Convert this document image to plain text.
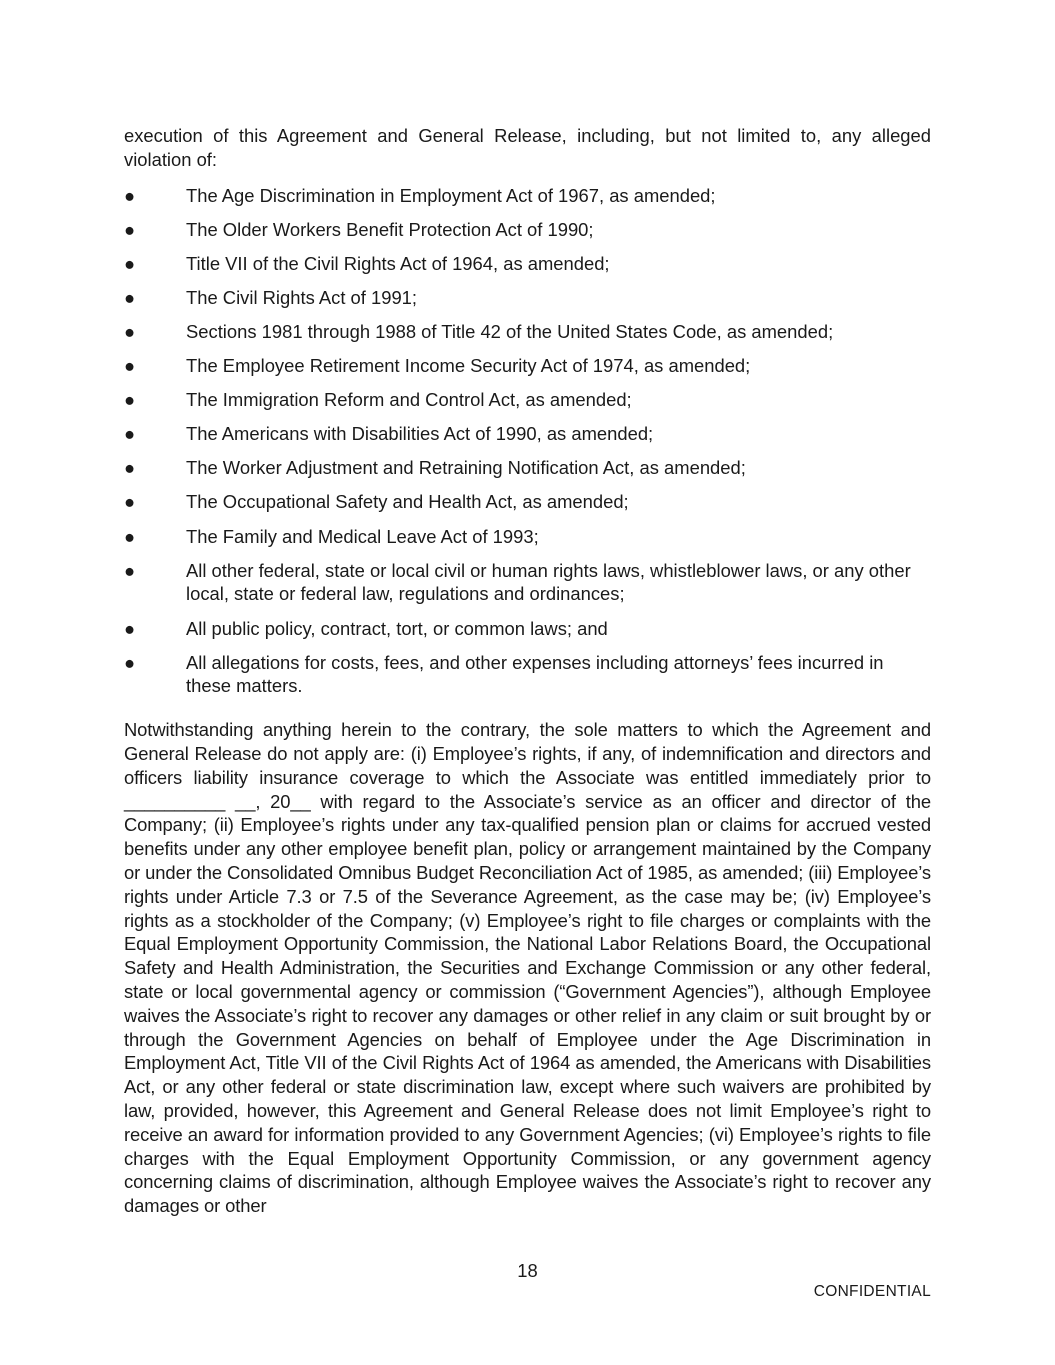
execution of this Agreement and General Release, including, but not limited to, any alleged violation of:

●	The Age Discrimination in Employment Act of 1967, as amended;
●	The Older Workers Benefit Protection Act of 1990;
●	Title VII of the Civil Rights Act of 1964, as amended;
●	The Civil Rights Act of 1991;
●	Sections 1981 through 1988 of Title 42 of the United States Code, as amended;
●	The Employee Retirement Income Security Act of 1974, as amended;
●	The Immigration Reform and Control Act, as amended;
●	The Americans with Disabilities Act of 1990, as amended;
●	The Worker Adjustment and Retraining Notification Act, as amended;
●	The Occupational Safety and Health Act, as amended;
●	The Family and Medical Leave Act of 1993;
●	All other federal, state or local civil or human rights laws, whistleblower laws, or any other local, state or federal law, regulations and ordinances;
●	All public policy, contract, tort, or common laws; and
●	All allegations for costs, fees, and other expenses including attorneys’ fees incurred in these matters.

Notwithstanding anything herein to the contrary, the sole matters to which the Agreement and General Release do not apply are: (i) Employee’s rights, if any, of indemnification and directors and officers liability insurance coverage to which the Associate was entitled immediately prior to __________ __, 20__ with regard to the Associate’s service as an officer and director of the Company; (ii) Employee’s rights under any tax-qualified pension plan or claims for accrued vested benefits under any other employee benefit plan, policy or arrangement maintained by the Company or under the Consolidated Omnibus Budget Reconciliation Act of 1985, as amended; (iii) Employee’s rights under Article 7.3 or 7.5 of the Severance Agreement, as the case may be; (iv) Employee’s rights as a stockholder of the Company; (v) Employee’s right to file charges or complaints with the Equal Employment Opportunity Commission, the National Labor Relations Board, the Occupational Safety and Health Administration, the Securities and Exchange Commission or any other federal, state or local governmental agency or commission (“Government Agencies”), although Employee waives the Associate’s right to recover any damages or other relief in any claim or suit brought by or through the Government Agencies on behalf of Employee under the Age Discrimination in Employment Act, Title VII of the Civil Rights Act of 1964 as amended, the Americans with Disabilities Act, or any other federal or state discrimination law, except where such waivers are prohibited by law, provided, however, this Agreement and General Release does not limit Employee’s right to receive an award for information provided to any Government Agencies; (vi) Employee’s rights to file charges with the Equal Employment Opportunity Commission, or any government agency concerning claims of discrimination, although Employee waives the Associate’s right to recover any damages or other

18
CONFIDENTIAL
